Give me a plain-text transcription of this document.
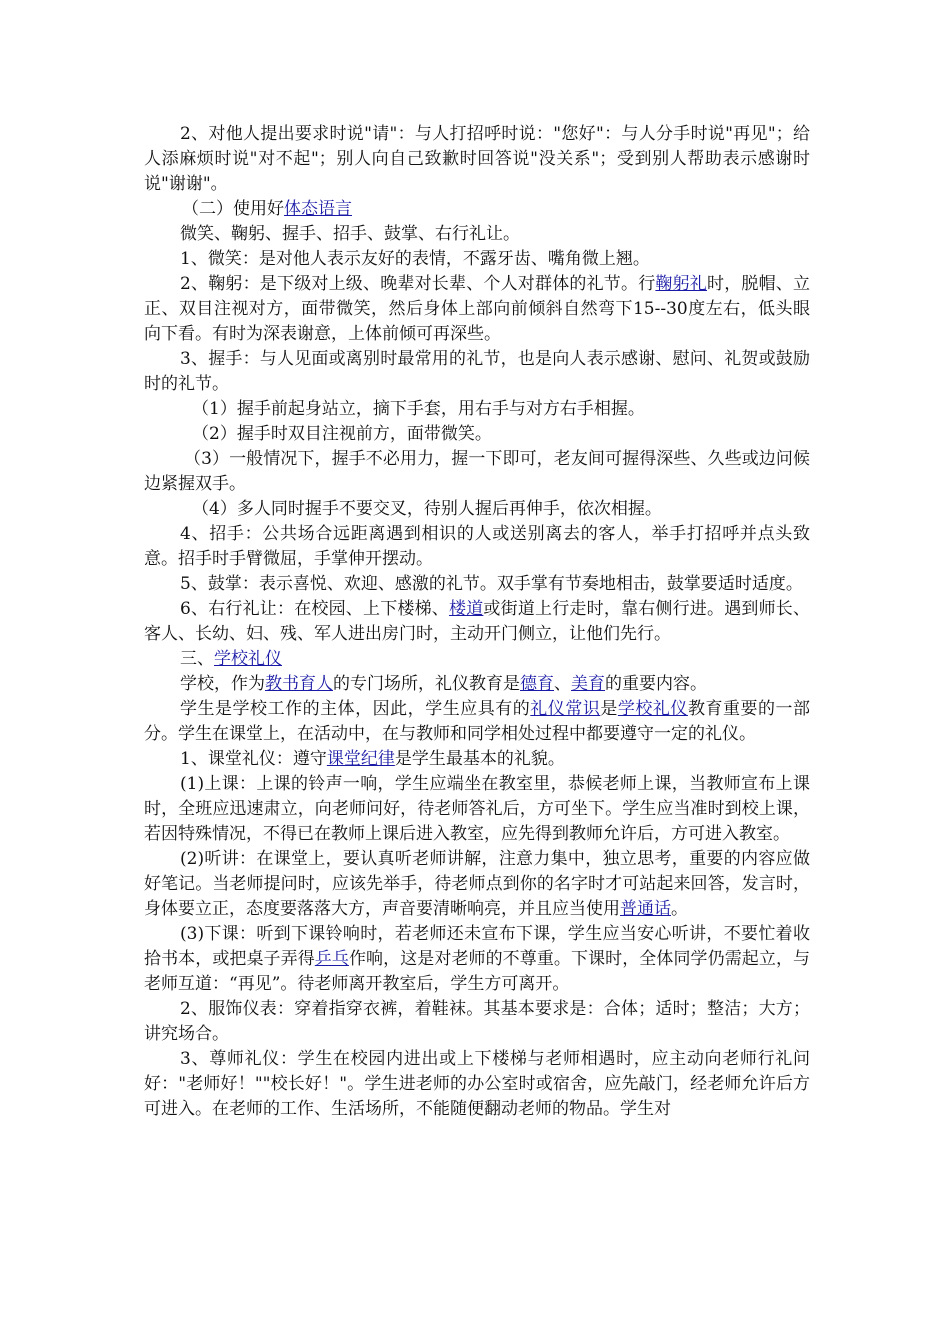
2、对他人提出要求时说"请"：与人打招呼时说："您好"：与人分手时说"再见"；给人添麻烦时说"对不起"；别人向自己致歉时回答说"没关系"；受到别人帮助表示感谢时说"谢谢"。

（二）使用好体态语言

微笑、鞠躬、握手、招手、鼓掌、右行礼让。

1、微笑：是对他人表示友好的表情，不露牙齿、嘴角微上翘。

2、鞠躬：是下级对上级、晚辈对长辈、个人对群体的礼节。行鞠躬礼时，脱帽、立正、双目注视对方，面带微笑，然后身体上部向前倾斜自然弯下15--30度左右，低头眼向下看。有时为深表谢意，上体前倾可再深些。

3、握手：与人见面或离别时最常用的礼节，也是向人表示感谢、慰问、礼贺或鼓励时的礼节。

（1）握手前起身站立，摘下手套，用右手与对方右手相握。

（2）握手时双目注视前方，面带微笑。

（3）一般情况下，握手不必用力，握一下即可，老友间可握得深些、久些或边问候边紧握双手。

（4）多人同时握手不要交叉，待别人握后再伸手，依次相握。

4、招手：公共场合远距离遇到相识的人或送别离去的客人，举手打招呼并点头致意。招手时手臂微屈，手掌伸开摆动。

5、鼓掌：表示喜悦、欢迎、感激的礼节。双手掌有节奏地相击，鼓掌要适时适度。

6、右行礼让：在校园、上下楼梯、楼道或街道上行走时，靠右侧行进。遇到师长、客人、长幼、妇、残、军人进出房门时，主动开门侧立，让他们先行。

三、学校礼仪

学校，作为教书育人的专门场所，礼仪教育是德育、美育的重要内容。

学生是学校工作的主体，因此，学生应具有的礼仪常识是学校礼仪教育重要的一部分。学生在课堂上，在活动中，在与教师和同学相处过程中都要遵守一定的礼仪。

1、课堂礼仪：遵守课堂纪律是学生最基本的礼貌。

(1)上课：上课的铃声一响，学生应端坐在教室里，恭候老师上课，当教师宣布上课时，全班应迅速肃立，向老师问好，待老师答礼后，方可坐下。学生应当准时到校上课，若因特殊情况，不得已在教师上课后进入教室，应先得到教师允许后，方可进入教室。

(2)听讲：在课堂上，要认真听老师讲解，注意力集中，独立思考，重要的内容应做好笔记。当老师提问时，应该先举手，待老师点到你的名字时才可站起来回答，发言时，身体要立正，态度要落落大方，声音要清晰响亮，并且应当使用普通话。

(3)下课：听到下课铃响时，若老师还未宣布下课，学生应当安心听讲，不要忙着收拾书本，或把桌子弄得乒乓作响，这是对老师的不尊重。下课时，全体同学仍需起立，与老师互道：“再见”。待老师离开教室后，学生方可离开。

2、服饰仪表：穿着指穿衣裤，着鞋袜。其基本要求是：合体；适时；整洁；大方；讲究场合。

3、尊师礼仪：学生在校园内进出或上下楼梯与老师相遇时，应主动向老师行礼问好："老师好！""校长好！"。学生进老师的办公室时或宿舍，应先敲门，经老师允许后方可进入。在老师的工作、生活场所，不能随便翻动老师的物品。学生对
